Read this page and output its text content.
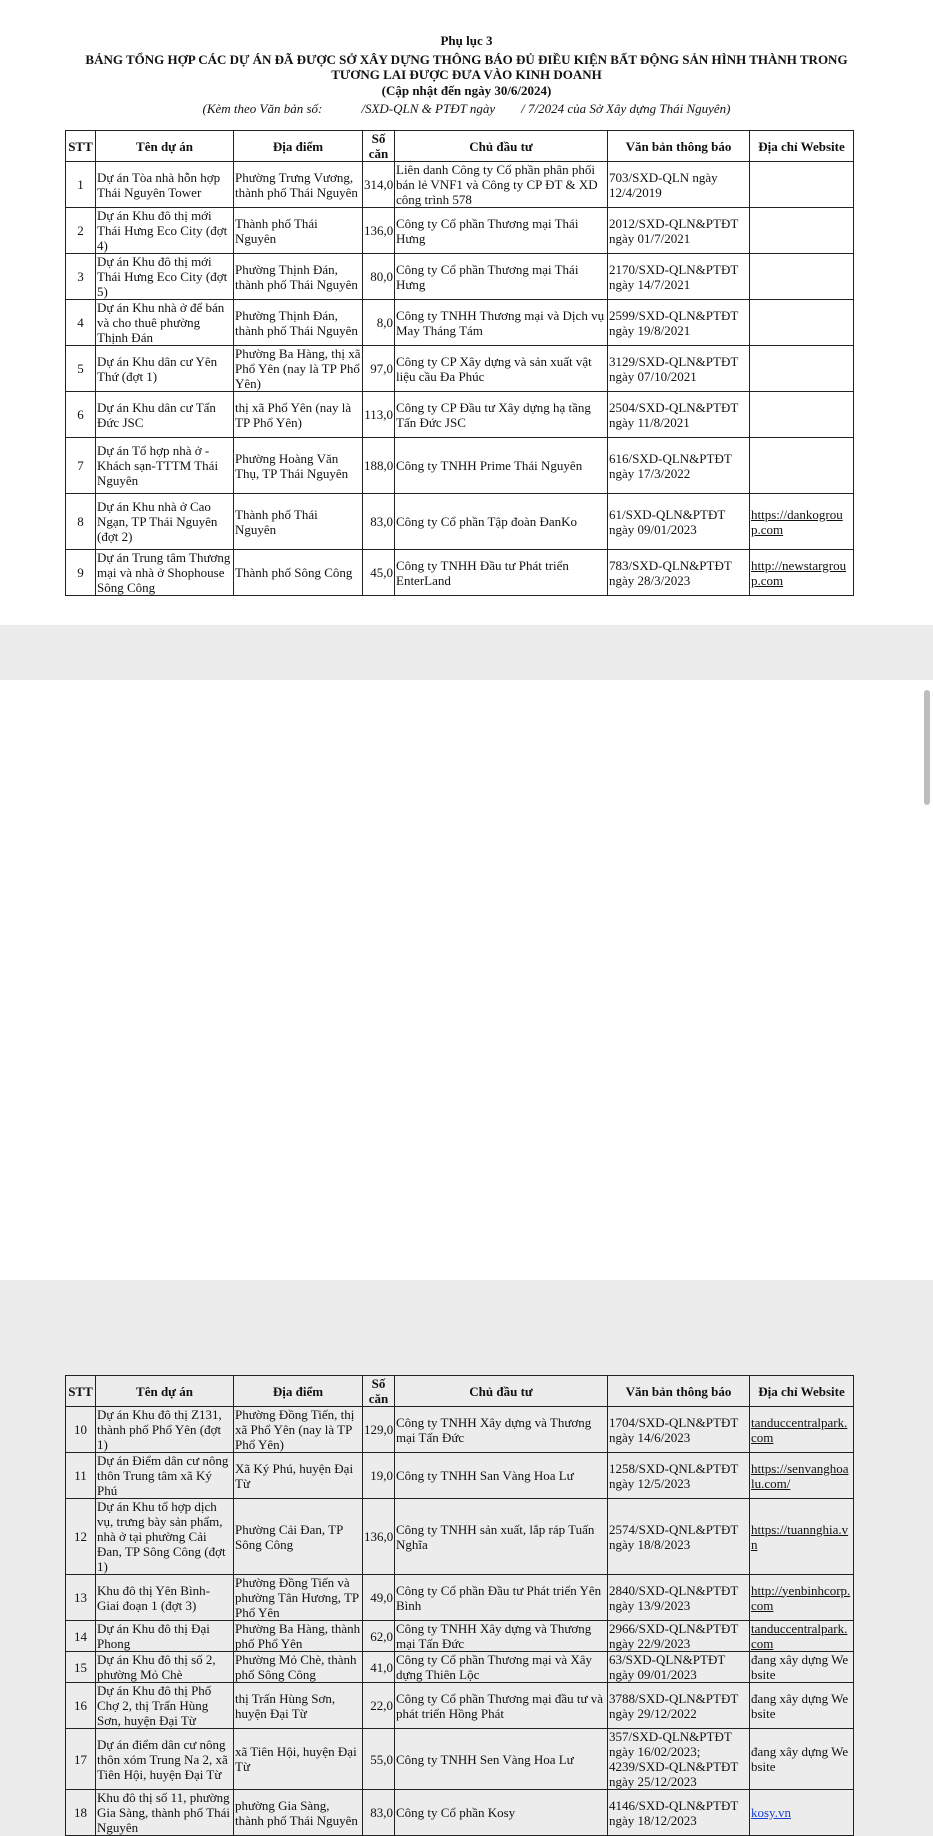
Phụ lục 3
BẢNG TỔNG HỢP CÁC DỰ ÁN ĐÃ ĐƯỢC SỞ XÂY DỰNG THÔNG BÁO ĐỦ ĐIỀU KIỆN BẤT ĐỘNG SẢN HÌNH THÀNH TRONG TƯƠNG LAI ĐƯỢC ĐƯA VÀO KINH DOANH
(Cập nhật đến ngày 30/6/2024)
(Kèm theo Văn bản số:            /SXD-QLN & PTĐT ngày        / 7/2024 của Sở Xây dựng Thái Nguyên)
STT	Tên dự án	Địa điểm	Số căn	Chủ đầu tư	Văn bản thông báo	Địa chỉ Website
1	Dự án Tòa nhà hỗn hợp Thái Nguyên Tower	Phường Trưng Vương, thành phố Thái Nguyên	314,0	Liên danh Công ty Cổ phần phân phối bán lẻ VNF1 và Công ty CP ĐT & XD công trình 578	703/SXD-QLN ngày 12/4/2019	
2	Dự án Khu đô thị mới Thái Hưng Eco City (đợt 4)	Thành phố Thái Nguyên	136,0	Công ty Cổ phần Thương mại Thái Hưng	2012/SXD-QLN&PTĐT ngày 01/7/2021	
3	Dự án Khu đô thị mới Thái Hưng Eco City (đợt 5)	Phường Thịnh Đán, thành phố Thái Nguyên	80,0	Công ty Cổ phần Thương mại Thái Hưng	2170/SXD-QLN&PTĐT ngày 14/7/2021	
4	Dự án Khu nhà ở để bán và cho thuê phường Thịnh Đán	Phường Thịnh Đán, thành phố Thái Nguyên	8,0	Công ty TNHH Thương mại và Dịch vụ May Tháng Tám	2599/SXD-QLN&PTĐT ngày 19/8/2021	
5	Dự án Khu dân cư Yên Thứ (đợt 1)	Phường Ba Hàng, thị xã Phổ Yên (nay là TP Phổ Yên)	97,0	Công ty CP Xây dựng và sản xuất vật liệu cầu Đa Phúc	3129/SXD-QLN&PTĐT ngày 07/10/2021	
6	Dự án Khu dân cư Tấn Đức JSC	thị xã Phổ Yên (nay là TP Phổ Yên)	113,0	Công ty CP Đầu tư Xây dựng hạ tầng Tấn Đức JSC	2504/SXD-QLN&PTĐT ngày 11/8/2021	
7	Dự án Tổ hợp nhà ở - Khách sạn-TTTM Thái Nguyên	Phường Hoàng Văn Thụ, TP Thái Nguyên	188,0	Công ty TNHH Prime Thái Nguyên	616/SXD-QLN&PTĐT ngày 17/3/2022	
8	Dự án Khu nhà ở Cao Ngạn, TP Thái Nguyên (đợt 2)	Thành phố Thái Nguyên	83,0	Công ty Cổ phần Tập đoàn ĐanKo	61/SXD-QLN&PTĐT ngày 09/01/2023	https://dankogroup.com
9	Dự án Trung tâm Thương mại và nhà ở Shophouse Sông Công	Thành phố Sông Công	45,0	Công ty TNHH Đầu tư Phát triển EnterLand	783/SXD-QLN&PTĐT ngày 28/3/2023	http://newstargroup.com
STT	Tên dự án	Địa điểm	Số căn	Chủ đầu tư	Văn bản thông báo	Địa chỉ Website
10	Dự án Khu đô thị Z131, thành phố Phổ Yên (đợt 1)	Phường Đồng Tiến, thị xã Phổ Yên (nay là TP Phổ Yên)	129,0	Công ty TNHH Xây dựng và Thương mại Tấn Đức	1704/SXD-QLN&PTĐT ngày 14/6/2023	tanduccentralpark.com
11	Dự án Điểm dân cư nông thôn Trung tâm xã Ký Phú	Xã Ký Phú, huyện Đại Từ	19,0	Công ty TNHH San Vàng Hoa Lư	1258/SXD-QNL&PTĐT ngày 12/5/2023	https://senvanghoalu.com/
12	Dự án Khu tổ hợp dịch vụ, trưng bày sản phẩm, nhà ở tại phường Cải Đan, TP Sông Công (đợt 1)	Phường Cải Đan, TP Sông Công	136,0	Công ty TNHH sản xuất, lắp ráp Tuấn Nghĩa	2574/SXD-QNL&PTĐT ngày 18/8/2023	https://tuannghia.vn
13	Khu đô thị Yên Bình-Giai đoạn 1 (đợt 3)	Phường Đồng Tiến và phường Tân Hương, TP Phổ Yên	49,0	Công ty Cổ phần Đầu tư Phát triển Yên Bình	2840/SXD-QLN&PTĐT ngày 13/9/2023	http://yenbinhcorp.com
14	Dự án Khu đô thị Đại Phong	Phường Ba Hàng, thành phố Phổ Yên	62,0	Công ty TNHH Xây dựng và Thương mại Tấn Đức	2966/SXD-QLN&PTĐT ngày 22/9/2023	tanduccentralpark.com
15	Dự án Khu đô thị số 2, phường Mỏ Chè	Phường Mỏ Chè, thành phố Sông Công	41,0	Công ty Cổ phần Thương mại và Xây dựng Thiên Lộc	63/SXD-QLN&PTĐT ngày 09/01/2023	đang xây dựng Website
16	Dự án Khu đô thị Phố Chợ 2, thị Trấn Hùng Sơn, huyện Đại Từ	thị Trấn Hùng Sơn, huyện Đại Từ	22,0	Công ty Cổ phần Thương mại đầu tư và phát triển Hồng Phát	3788/SXD-QLN&PTĐT ngày 29/12/2022	đang xây dựng Website
17	Dự án điểm dân cư nông thôn xóm Trung Na 2, xã Tiên Hội, huyện Đại Từ	xã Tiên Hội, huyện Đại Từ	55,0	Công ty TNHH Sen Vàng Hoa Lư	357/SXD-QLN&PTĐT ngày 16/02/2023; 4239/SXD-QLN&PTĐT ngày 25/12/2023	đang xây dựng Website
18	Khu đô thị số 11, phường Gia Sàng, thành phố Thái Nguyên	phường Gia Sàng, thành phố Thái Nguyên	83,0	Công ty Cổ phần Kosy	4146/SXD-QLN&PTĐT ngày 18/12/2023	kosy.vn
